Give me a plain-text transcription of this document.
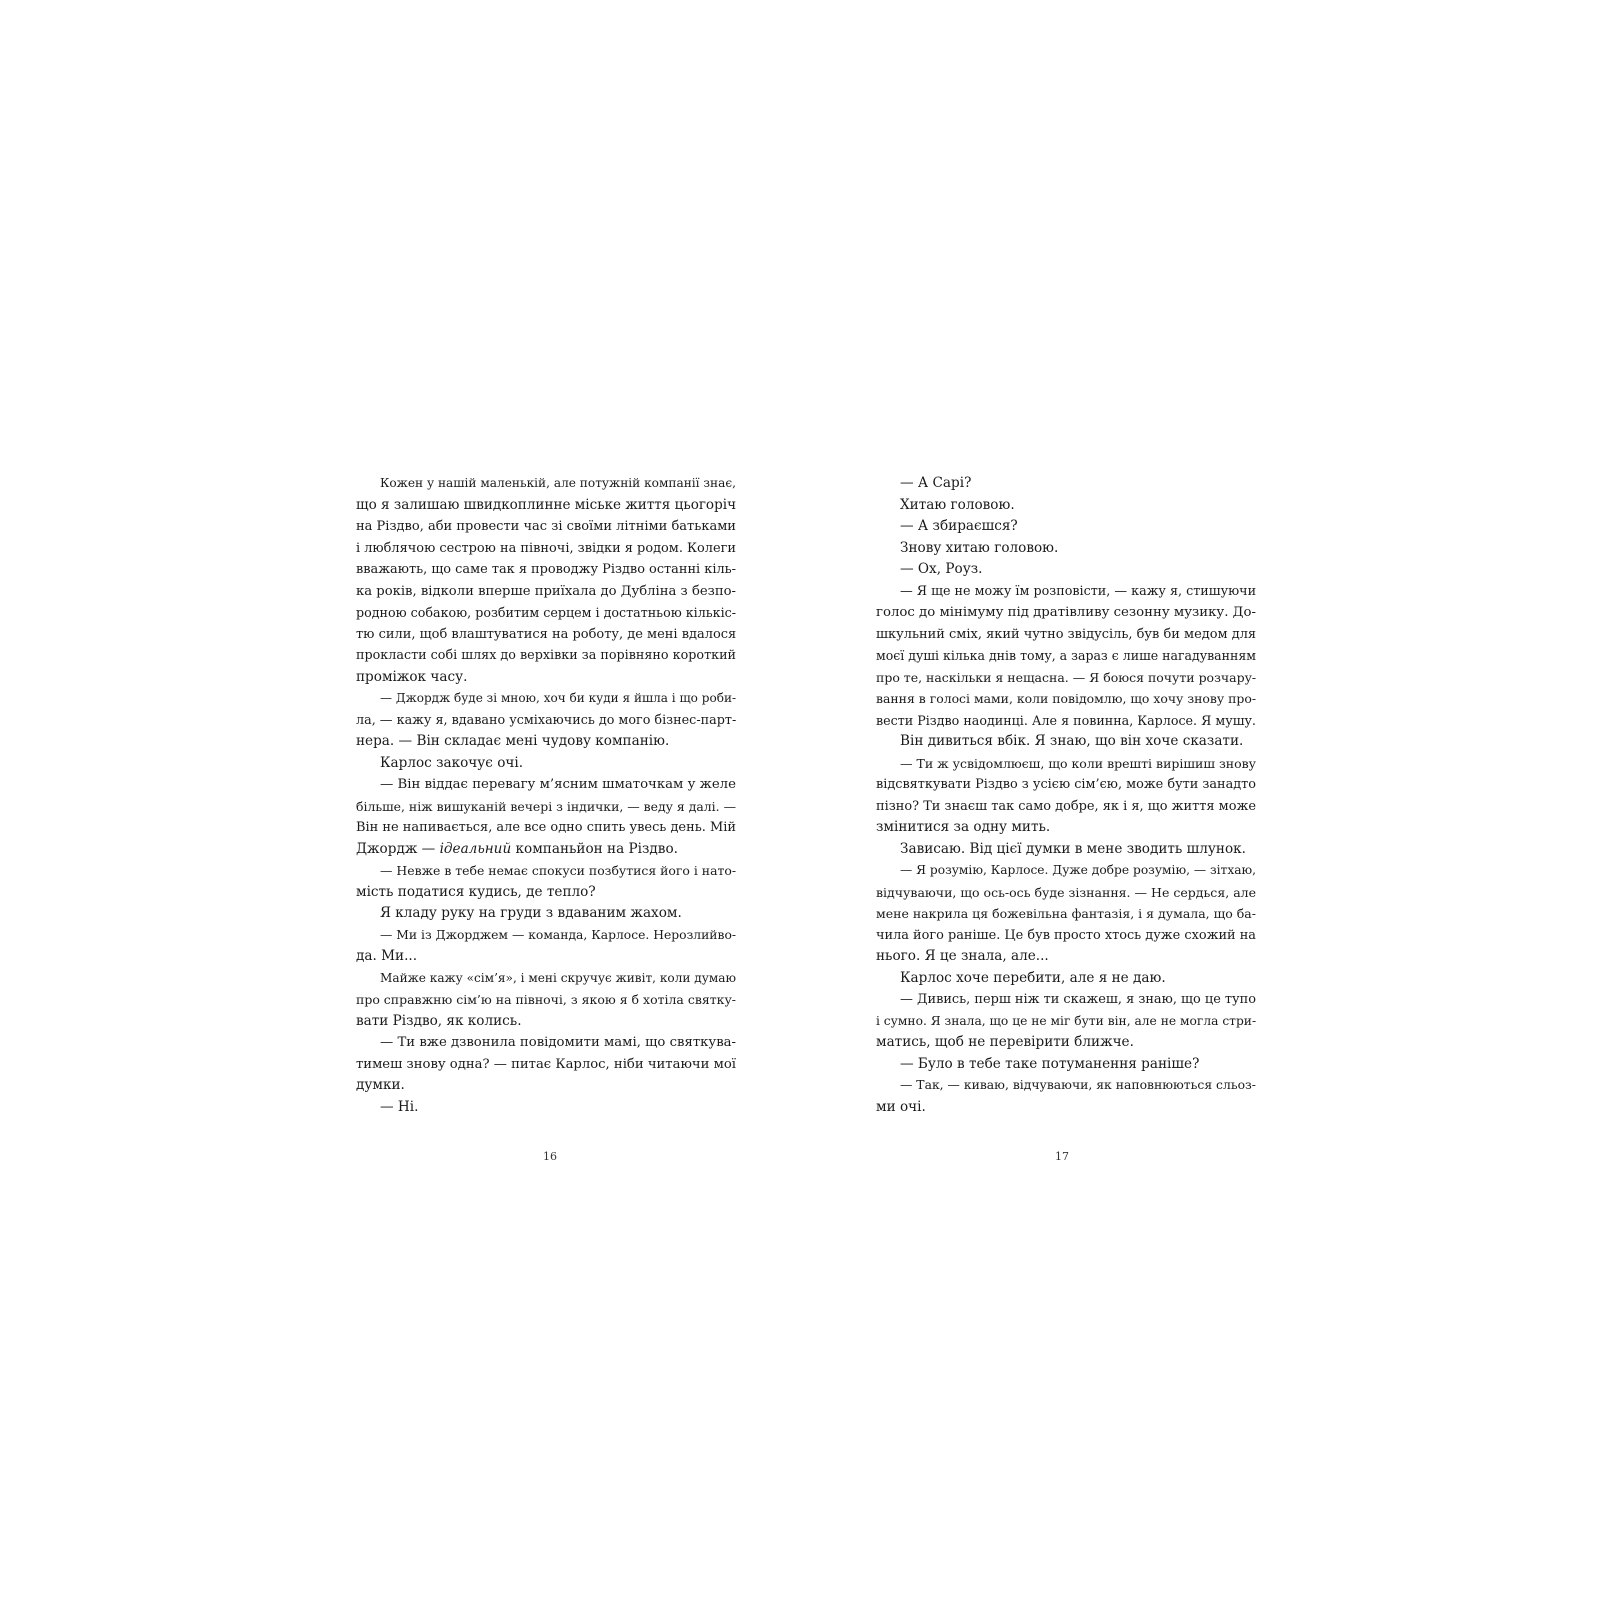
Кожен у нашій маленькій, але потужній компанії знає,
що я залишаю швидкоплинне міське життя цьогоріч
на Різдво, аби провести час зі своїми літніми батьками
і люблячою сестрою на півночі, звідки я родом. Колеги
вважають, що саме так я проводжу Різдво останні кіль-
ка років, відколи вперше приїхала до Дубліна з безпо-
родною собакою, розбитим серцем і достатньою кількіс-
тю сили, щоб влаштуватися на роботу, де мені вдалося
прокласти собі шлях до верхівки за порівняно короткий
проміжок часу.
— Джордж буде зі мною, хоч би куди я йшла і що роби-
ла, — кажу я, вдавано усміхаючись до мого бізнес-парт-
нера. — Він складає мені чудову компанію.
Карлос закочує очі.
— Він віддає перевагу м’ясним шматочкам у желе
більше, ніж вишуканій вечері з індички, — веду я далі. —
Він не напивається, але все одно спить увесь день. Мій
Джордж — ідеальний компаньйон на Різдво.
— Невже в тебе немає спокуси позбутися його і нато-
мість податися кудись, де тепло?
Я кладу руку на груди з вдаваним жахом.
— Ми із Джорджем — команда, Карлосе. Нерозлийво-
да. Ми...
Майже кажу «сім’я», і мені скручує живіт, коли думаю
про справжню сім’ю на півночі, з якою я б хотіла святку-
вати Різдво, як колись.
— Ти вже дзвонила повідомити мамі, що святкува-
тимеш знову одна? — питає Карлос, ніби читаючи мої
думки.
— Ні.
16
— А Сарі?
Хитаю головою.
— А збираєшся?
Знову хитаю головою.
— Ох, Роуз.
— Я ще не можу їм розповісти, — кажу я, стишуючи
голос до мінімуму під дратівливу сезонну музику. До-
шкульний сміх, який чутно звідусіль, був би медом для
моєї душі кілька днів тому, а зараз є лише нагадуванням
про те, наскільки я нещасна. — Я боюся почути розчару-
вання в голосі мами, коли повідомлю, що хочу знову про-
вести Різдво наодинці. Але я повинна, Карлосе. Я мушу.
Він дивиться вбік. Я знаю, що він хоче сказати.
— Ти ж усвідомлюєш, що коли врешті вирішиш знову
відсвяткувати Різдво з усією сім’єю, може бути занадто
пізно? Ти знаєш так само добре, як і я, що життя може
змінитися за одну мить.
Зависаю. Від цієї думки в мене зводить шлунок.
— Я розумію, Карлосе. Дуже добре розумію, — зітхаю,
відчуваючи, що ось-ось буде зізнання. — Не сердься, але
мене накрила ця божевільна фантазія, і я думала, що ба-
чила його раніше. Це був просто хтось дуже схожий на
нього. Я це знала, але...
Карлос хоче перебити, але я не даю.
— Дивись, перш ніж ти скажеш, я знаю, що це тупо
і сумно. Я знала, що це не міг бути він, але не могла стри-
матись, щоб не перевірити ближче.
— Було в тебе таке потуманення раніше?
— Так, — киваю, відчуваючи, як наповнюються сльоз-
ми очі.
17
